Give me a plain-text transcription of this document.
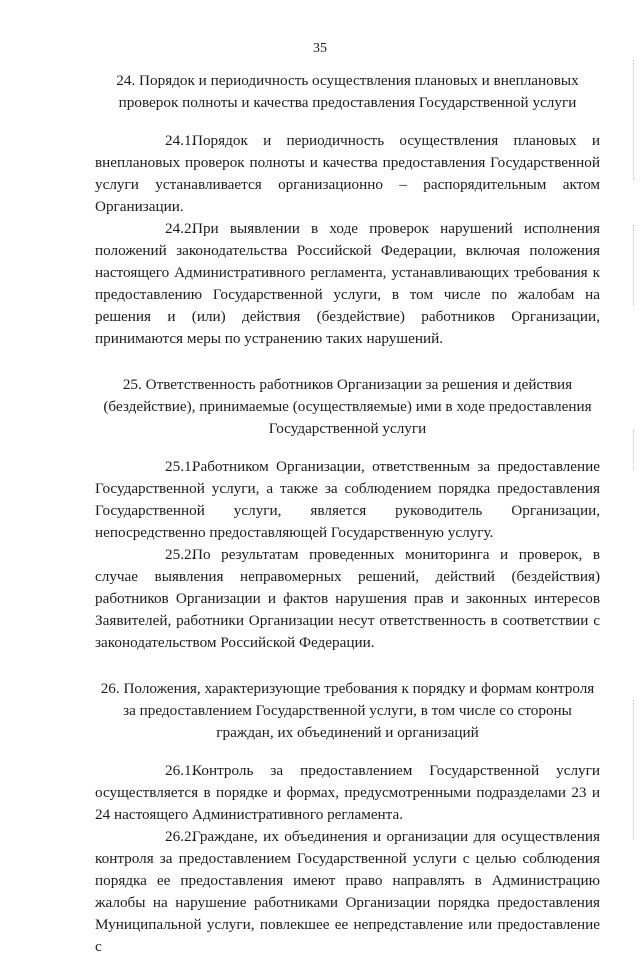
35

24. Порядок и периодичность осуществления плановых и внеплановых проверок полноты и качества предоставления Государственной услуги

24.1.Порядок и периодичность осуществления плановых и внеплановых проверок полноты и качества предоставления Государственной услуги устанавливается организационно – распорядительным актом Организации.

24.2.При выявлении в ходе проверок нарушений исполнения положений законодательства Российской Федерации, включая положения настоящего Административного регламента, устанавливающих требования к предоставлению Государственной услуги, в том числе по жалобам на решения и (или) действия (бездействие) работников Организации, принимаются меры по устранению таких нарушений.

25. Ответственность работников Организации за решения и действия (бездействие), принимаемые (осуществляемые) ими в ходе предоставления Государственной услуги

25.1.Работником Организации, ответственным за предоставление Государственной услуги, а также за соблюдением порядка предоставления Государственной услуги, является руководитель Организации, непосредственно предоставляющей Государственную услугу.

25.2.По результатам проведенных мониторинга и проверок, в случае выявления неправомерных решений, действий (бездействия) работников Организации и фактов нарушения прав и законных интересов Заявителей, работники Организации несут ответственность в соответствии с законодательством Российской Федерации.

26. Положения, характеризующие требования к порядку и формам контроля за предоставлением Государственной услуги, в том числе со стороны граждан, их объединений и организаций

26.1.Контроль за предоставлением Государственной услуги осуществляется в порядке и формах, предусмотренными подразделами 23 и 24 настоящего Административного регламента.

26.2.Граждане, их объединения и организации для осуществления контроля за предоставлением Государственной услуги с целью соблюдения порядка ее предоставления имеют право направлять в Администрацию жалобы на нарушение работниками Организации порядка предоставления Муниципальной услуги, повлекшее ее непредставление или предоставление с
